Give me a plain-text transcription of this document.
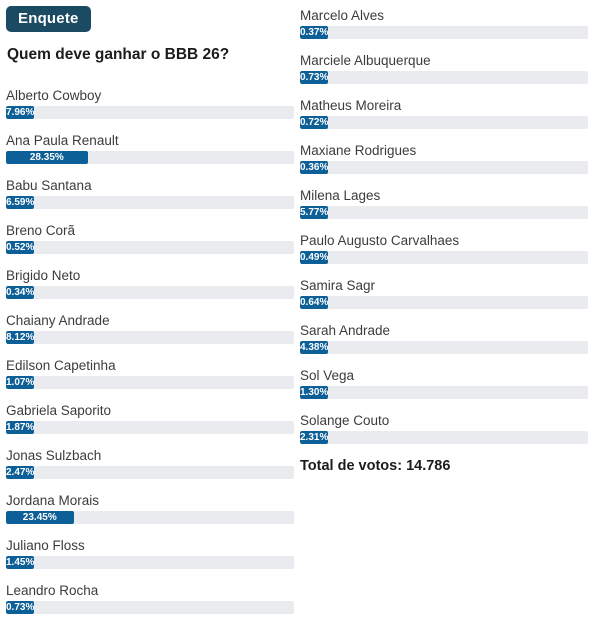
Enquete
Quem deve ganhar o BBB 26?
Alberto Cowboy
7.96%
Ana Paula Renault
28.35%
Babu Santana
6.59%
Breno Corã
0.52%
Brigido Neto
0.34%
Chaiany Andrade
8.12%
Edilson Capetinha
1.07%
Gabriela Saporito
1.87%
Jonas Sulzbach
2.47%
Jordana Morais
23.45%
Juliano Floss
1.45%
Leandro Rocha
0.73%
Marcelo Alves
0.37%
Marciele Albuquerque
0.73%
Matheus Moreira
0.72%
Maxiane Rodrigues
0.36%
Milena Lages
5.77%
Paulo Augusto Carvalhaes
0.49%
Samira Sagr
0.64%
Sarah Andrade
4.38%
Sol Vega
1.30%
Solange Couto
2.31%
Total de votos: 14.786
